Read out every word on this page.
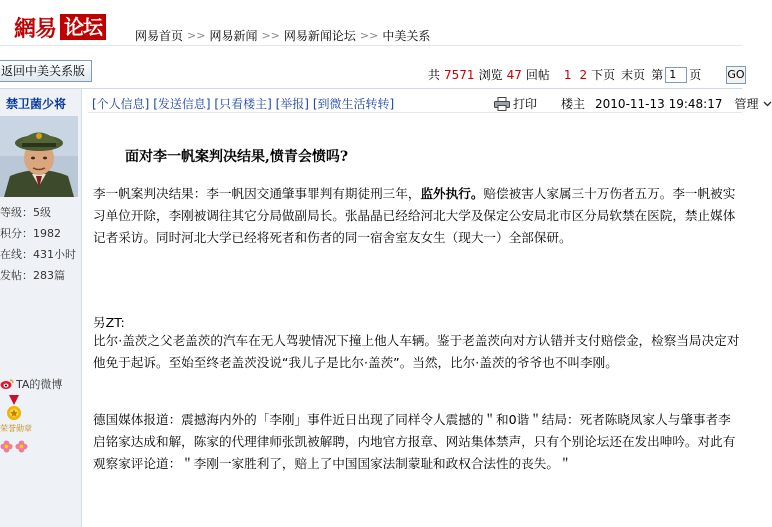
網易 论坛	网易首页 >> 网易新闻 >> 网易新闻论坛 >> 中美关系
返回中美关系版	共 7571 浏览 47 回帖 1 2 下页 末页 第
1 页 GO
禁卫菌少将
等级：5级
积分：1982
在线：431小时
发帖：283篇
TA的微博
荣誉勋章
[个人信息] [发送信息] [只看楼主] [举报] [到微生活转转]	打印 楼主 2010-11-13 19:48:17 管理
面对李一帆案判决结果,愤青会愤吗?
李一帆案判决结果：李一帆因交通肇事罪判有期徒刑三年，监外执行。赔偿被害人家属三十万伤者五万。李一帆被实习单位开除，李刚被调往其它分局做副局长。张晶晶已经给河北大学及保定公安局北市区分局软禁在医院，禁止媒体记者采访。同时河北大学已经将死者和伤者的同一宿舍室友女生（现大一）全部保研。
另ZT:
比尔·盖茨之父老盖茨的汽车在无人驾驶情况下撞上他人车辆。鉴于老盖茨向对方认错并支付赔偿金，检察当局决定对他免于起诉。至始至终老盖茨没说“我儿子是比尔·盖茨”。当然，比尔·盖茨的爷爷也不叫李刚。
德国媒体报道：震撼海内外的「李刚」事件近日出现了同样令人震撼的＂和0谐＂结局：死者陈晓凤家人与肇事者李启铭家达成和解，陈家的代理律师张凯被解聘，内地官方报章、网站集体禁声，只有个别论坛还在发出呻吟。对此有观察家评论道：＂李刚一家胜利了，赔上了中国国家法制蒙耻和政权合法性的丧失。＂
